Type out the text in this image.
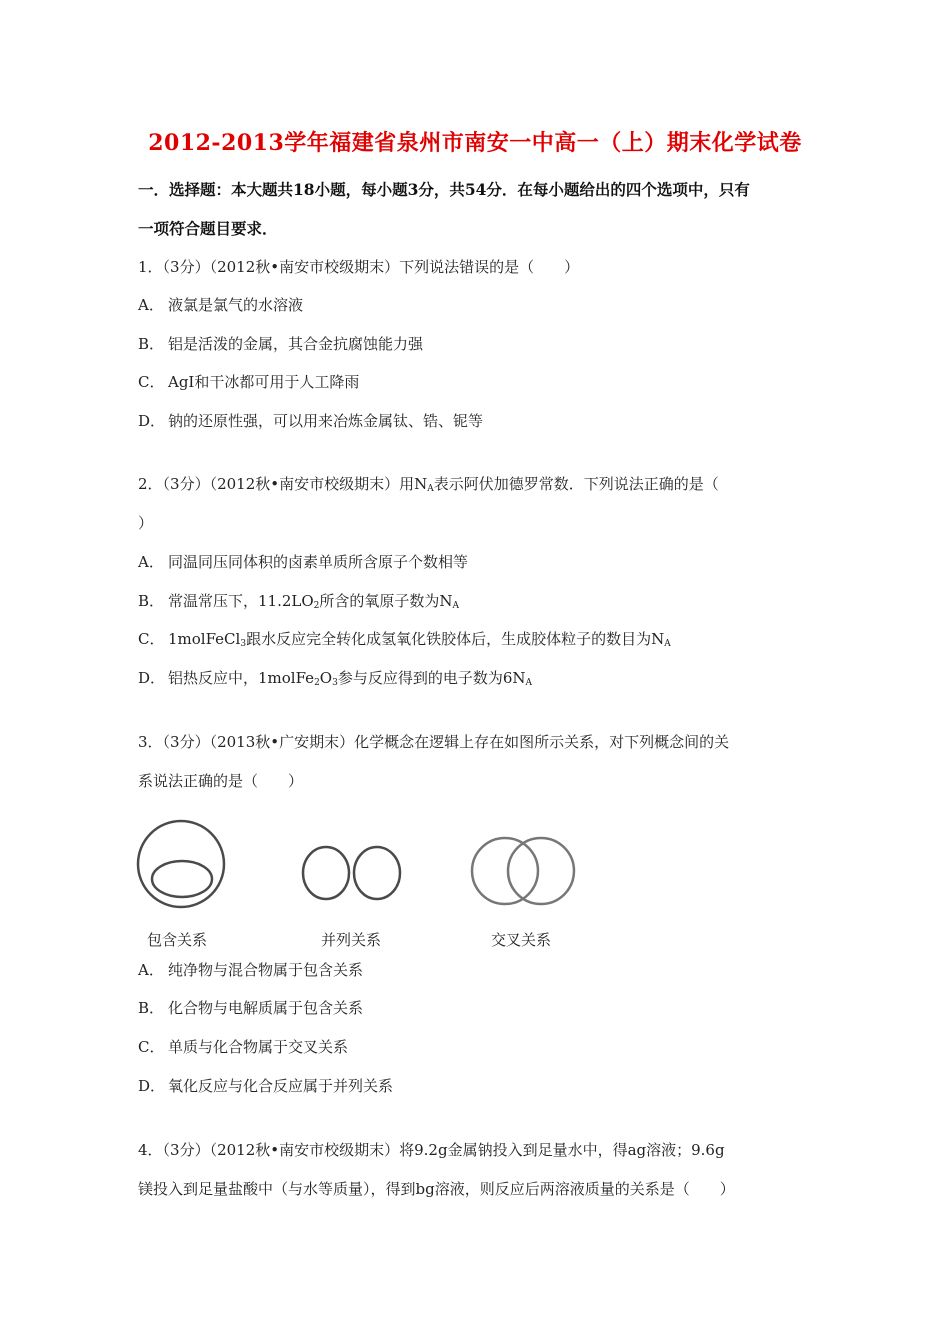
2012-2013学年福建省泉州市南安一中高一（上）期末化学试卷
一．选择题：本大题共18小题，每小题3分，共54分．在每小题给出的四个选项中，只有
一项符合题目要求．
1．（3分）（2012秋•南安市校级期末）下列说法错误的是（　　）
A． 液氯是氯气的水溶液
B． 铝是活泼的金属，其合金抗腐蚀能力强
C． AgI和干冰都可用于人工降雨
D． 钠的还原性强，可以用来冶炼金属钛、锆、铌等
2．（3分）（2012秋•南安市校级期末）用$N_A$表示阿伏加德罗常数．下列说法正确的是（
）
A． 同温同压同体积的卤素单质所含原子个数相等
B． 常温常压下，$11.2LO_2$所含的氧原子数为$N_A$
C． 1molFeCl$_3$跟水反应完全转化成氢氧化铁胶体后，生成胶体粒子的数目为$N_A$
D． 铝热反应中，$1molFe_2O_3$参与反应得到的电子数为$6N_A$
3．（3分）（2013秋•广安期末）化学概念在逻辑上存在如图所示关系，对下列概念间的关
系说法正确的是（　　）
包含关系	并列关系	交叉关系
A． 纯净物与混合物属于包含关系
B． 化合物与电解质属于包含关系
C． 单质与化合物属于交叉关系
D． 氧化反应与化合反应属于并列关系
4．（3分）（2012秋•南安市校级期末）将9.2g金属钠投入到足量水中，得ag溶液；9.6g
镁投入到足量盐酸中（与水等质量），得到bg溶液，则反应后两溶液质量的关系是（　　）
